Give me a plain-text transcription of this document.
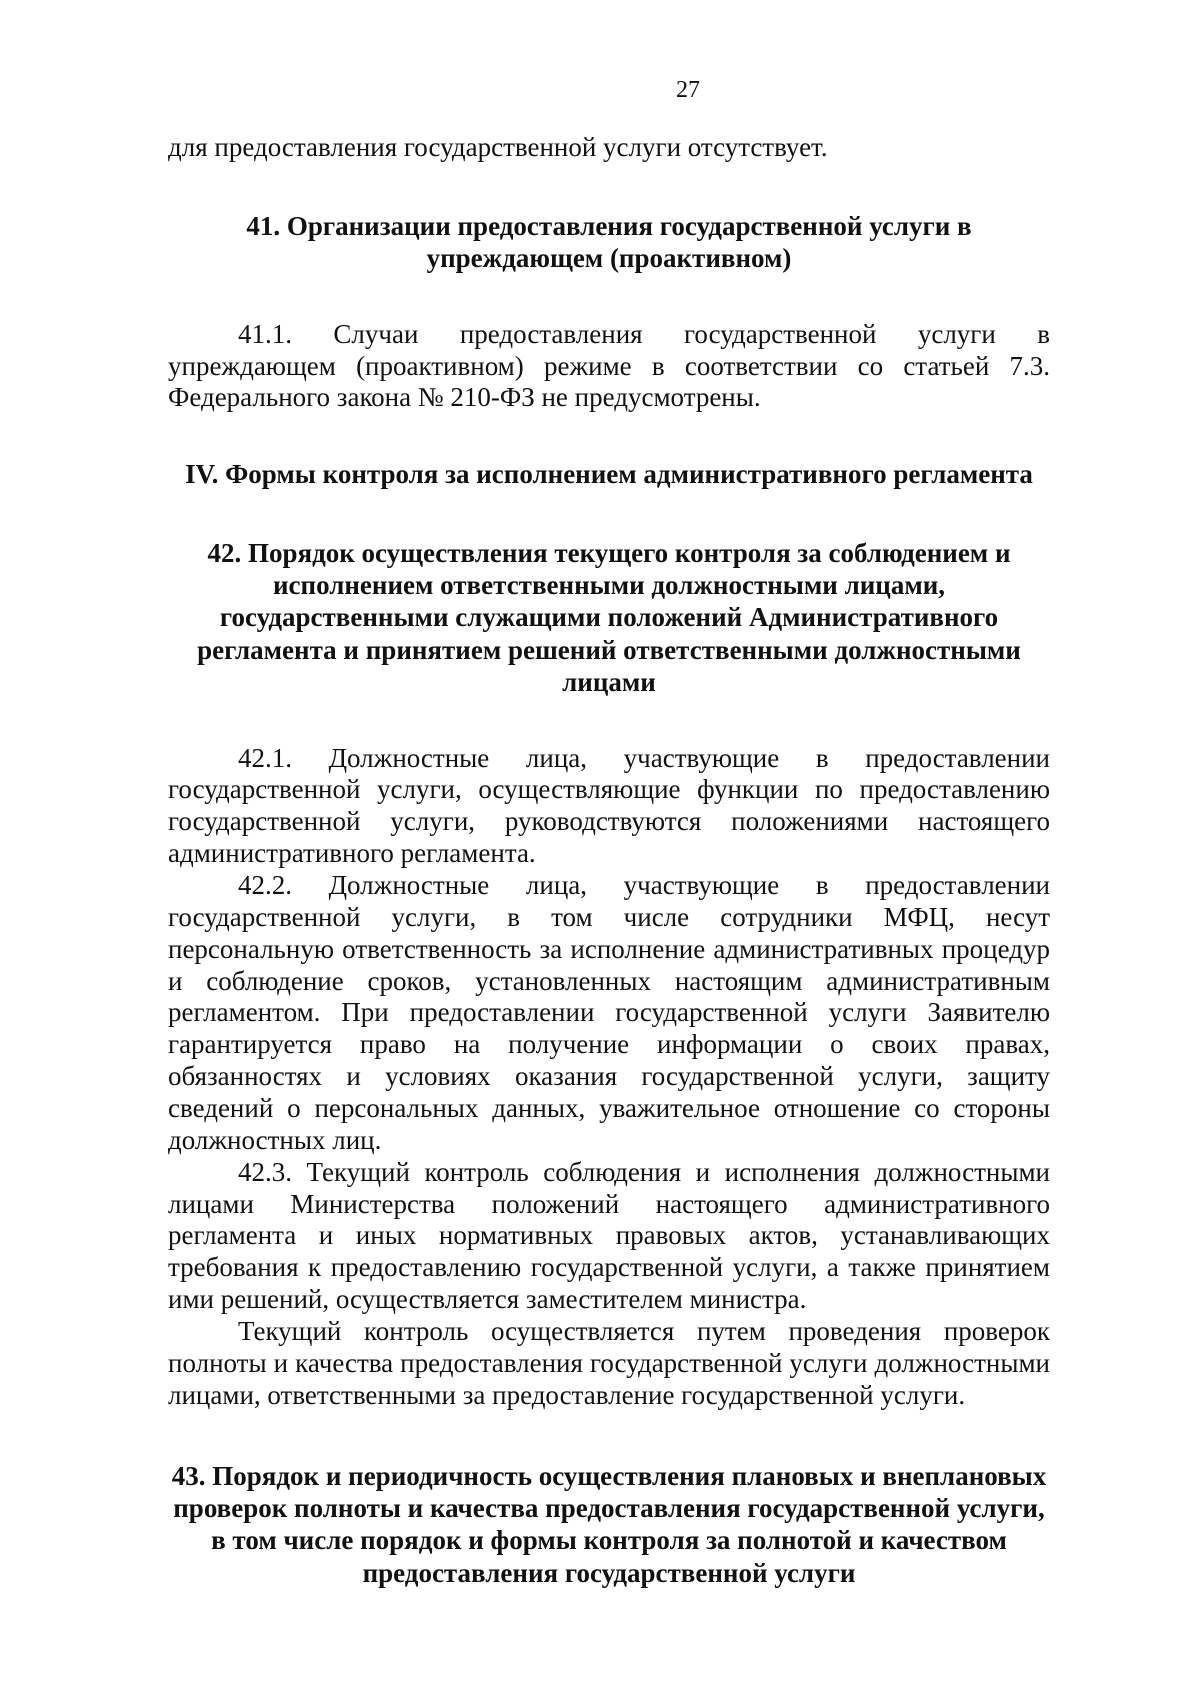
27

для предоставления государственной услуги отсутствует.

41. Организации предоставления государственной услуги в упреждающем (проактивном)

41.1. Случаи предоставления государственной услуги в упреждающем (проактивном) режиме в соответствии со статьей 7.3. Федерального закона № 210-ФЗ не предусмотрены.

IV. Формы контроля за исполнением административного регламента
42. Порядок осуществления текущего контроля за соблюдением и исполнением ответственными должностными лицами, государственными служащими положений Административного регламента и принятием решений ответственными должностными лицами

42.1. Должностные лица, участвующие в предоставлении государственной услуги, осуществляющие функции по предоставлению государственной услуги, руководствуются положениями настоящего административного регламента.

42.2. Должностные лица, участвующие в предоставлении государственной услуги, в том числе сотрудники МФЦ, несут персональную ответственность за исполнение административных процедур и соблюдение сроков, установленных настоящим административным регламентом. При предоставлении государственной услуги Заявителю гарантируется право на получение информации о своих правах, обязанностях и условиях оказания государственной услуги, защиту сведений о персональных данных, уважительное отношение со стороны должностных лиц.

42.3. Текущий контроль соблюдения и исполнения должностными лицами Министерства положений настоящего административного регламента и иных нормативных правовых актов, устанавливающих требования к предоставлению государственной услуги, а также принятием ими решений, осуществляется заместителем министра.

Текущий контроль осуществляется путем проведения проверок полноты и качества предоставления государственной услуги должностными лицами, ответственными за предоставление государственной услуги.

43. Порядок и периодичность осуществления плановых и внеплановых проверок полноты и качества предоставления государственной услуги, в том числе порядок и формы контроля за полнотой и качеством предоставления государственной услуги
